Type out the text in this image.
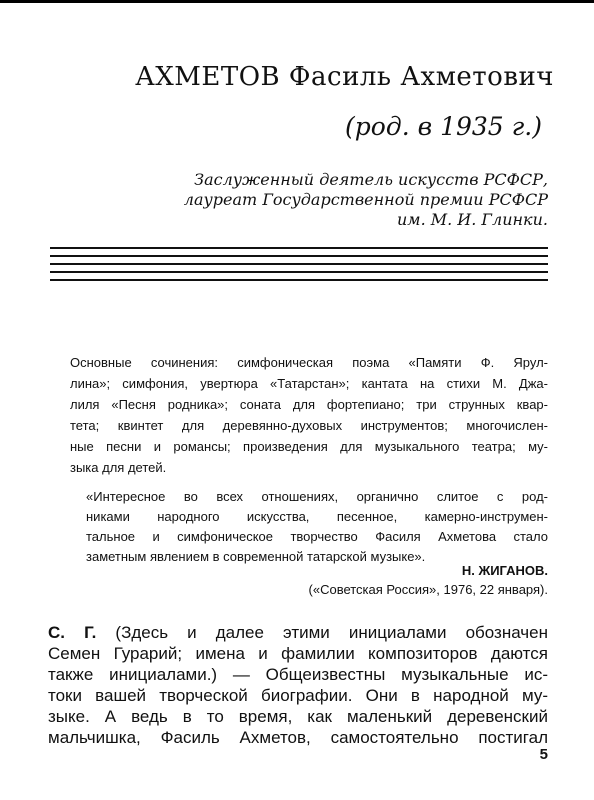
АХМЕТОВ Фасиль Ахметович
(род. в 1935 г.)
Заслуженный деятель искусств РСФСР,
лауреат Государственной премии РСФСР
им. М. И. Глинки.
Основные сочинения: симфоническая поэма «Памяти Ф. Ярул-
лина»; симфония, увертюра «Татарстан»; кантата на стихи М. Джа-
лиля «Песня родника»; соната для фортепиано; три струнных квар-
тета; квинтет для деревянно-духовых инструментов; многочислен-
ные песни и романсы; произведения для музыкального театра; му-
зыка для детей.
«Интересное во всех отношениях, органично слитое с род-
никами народного искусства, песенное, камерно-инструмен-
тальное и симфоническое творчество Фасиля Ахметова стало
заметным явлением в современной татарской музыке».
Н. ЖИГАНОВ.
(«Советская Россия», 1976, 22 января).
С. Г. (Здесь и далее этими инициалами обозначен
Семен Гурарий; имена и фамилии композиторов даются
также инициалами.) — Общеизвестны музыкальные ис-
токи вашей творческой биографии. Они в народной му-
зыке. А ведь в то время, как маленький деревенский
мальчишка, Фасиль Ахметов, самостоятельно постигал
5
